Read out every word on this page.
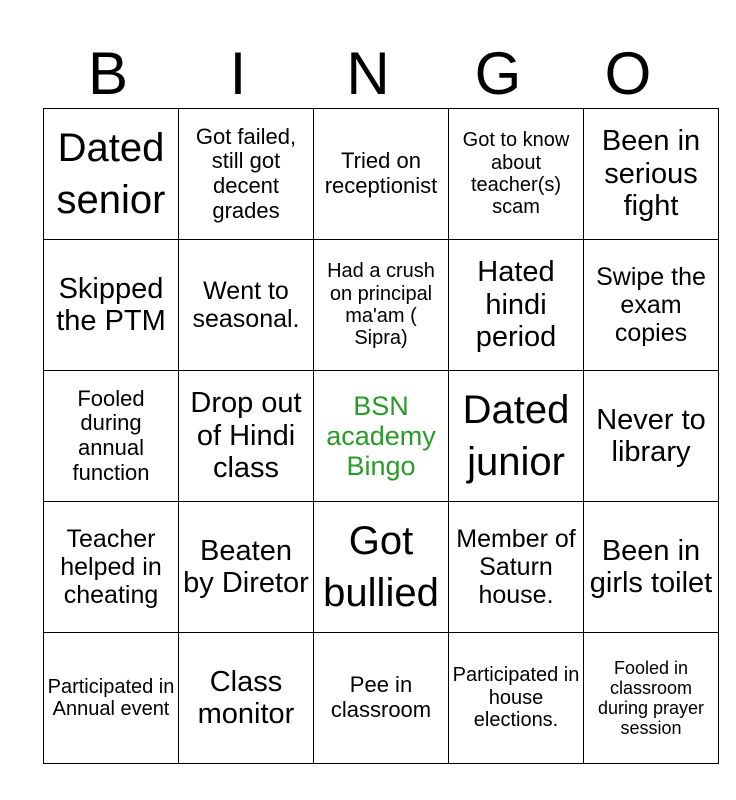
B	I	N	G	O
Dated senior	Got failed, still got decent grades	Tried on receptionist	Got to know about teacher(s) scam	Been in serious fight
Skipped the PTM	Went to seasonal.	Had a crush on principal ma'am ( Sipra)	Hated hindi period	Swipe the exam copies
Fooled during annual function	Drop out of Hindi class	BSN academy Bingo	Dated junior	Never to library
Teacher helped in cheating	Beaten by Diretor	Got bullied	Member of Saturn house.	Been in girls toilet
Participated in Annual event	Class monitor	Pee in classroom	Participated in house elections.	Fooled in classroom during prayer session
